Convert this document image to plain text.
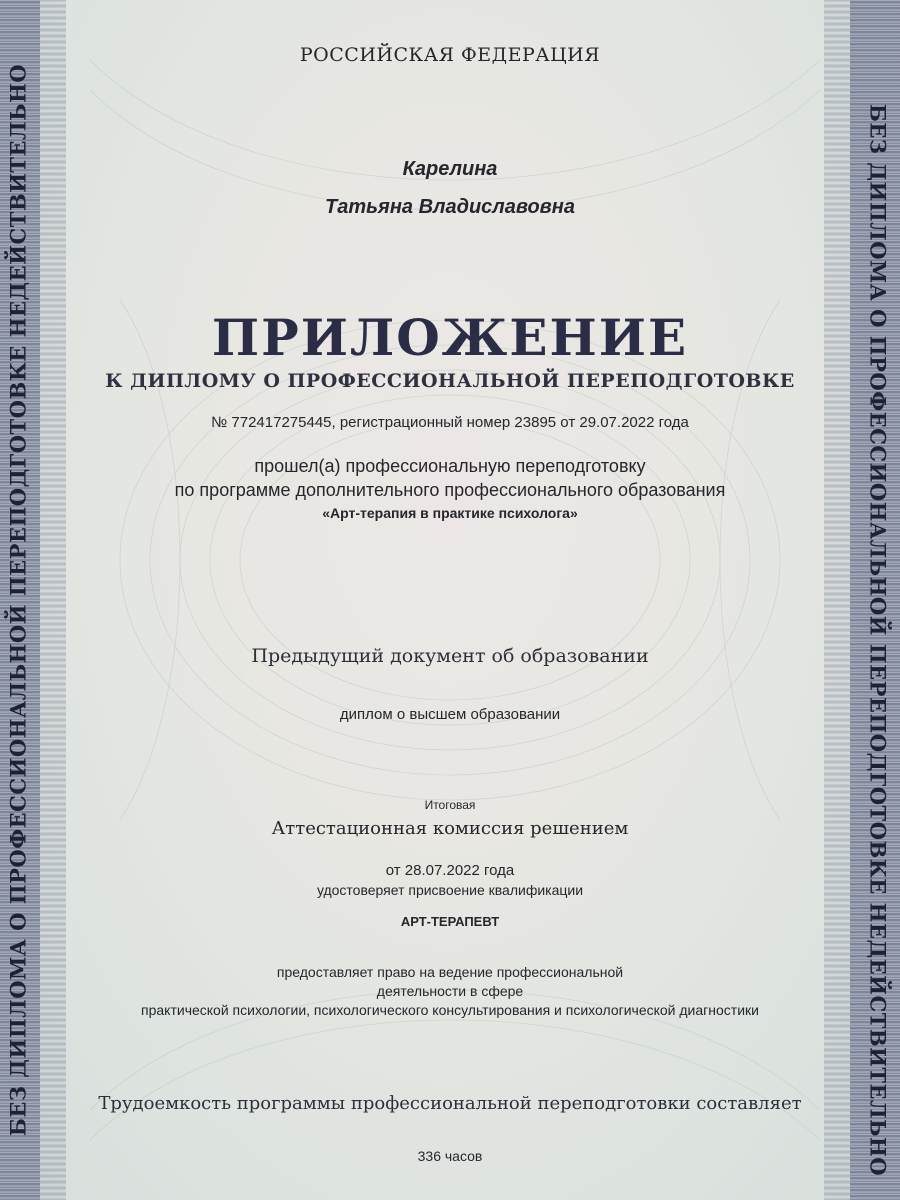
БЕЗ ДИПЛОМА О ПРОФЕССИОНАЛЬНОЙ ПЕРЕПОДГОТОВКЕ НЕДЕЙСТВИТЕЛЬНО	БЕЗ ДИПЛОМА О ПРОФЕССИОНАЛЬНОЙ ПЕРЕПОДГОТОВКЕ НЕДЕЙСТВИТЕЛЬНО
РОССИЙСКАЯ ФЕДЕРАЦИЯ
Карелина
Татьяна Владиславовна
ПРИЛОЖЕНИЕ
К ДИПЛОМУ О ПРОФЕССИОНАЛЬНОЙ ПЕРЕПОДГОТОВКЕ
№ 772417275445, регистрационный номер 23895 от 29.07.2022 года
прошел(а) профессиональную переподготовку
по программе дополнительного профессионального образования
«Арт-терапия в практике психолога»
Предыдущий документ об образовании
диплом о высшем образовании
Итоговая
Аттестационная комиссия решением
от 28.07.2022 года
удостоверяет присвоение квалификации
АРТ-ТЕРАПЕВТ
предоставляет право на ведение профессиональной
деятельности в сфере
практической психологии, психологического консультирования и психологической диагностики
Трудоемкость программы профессиональной переподготовки составляет
336 часов
